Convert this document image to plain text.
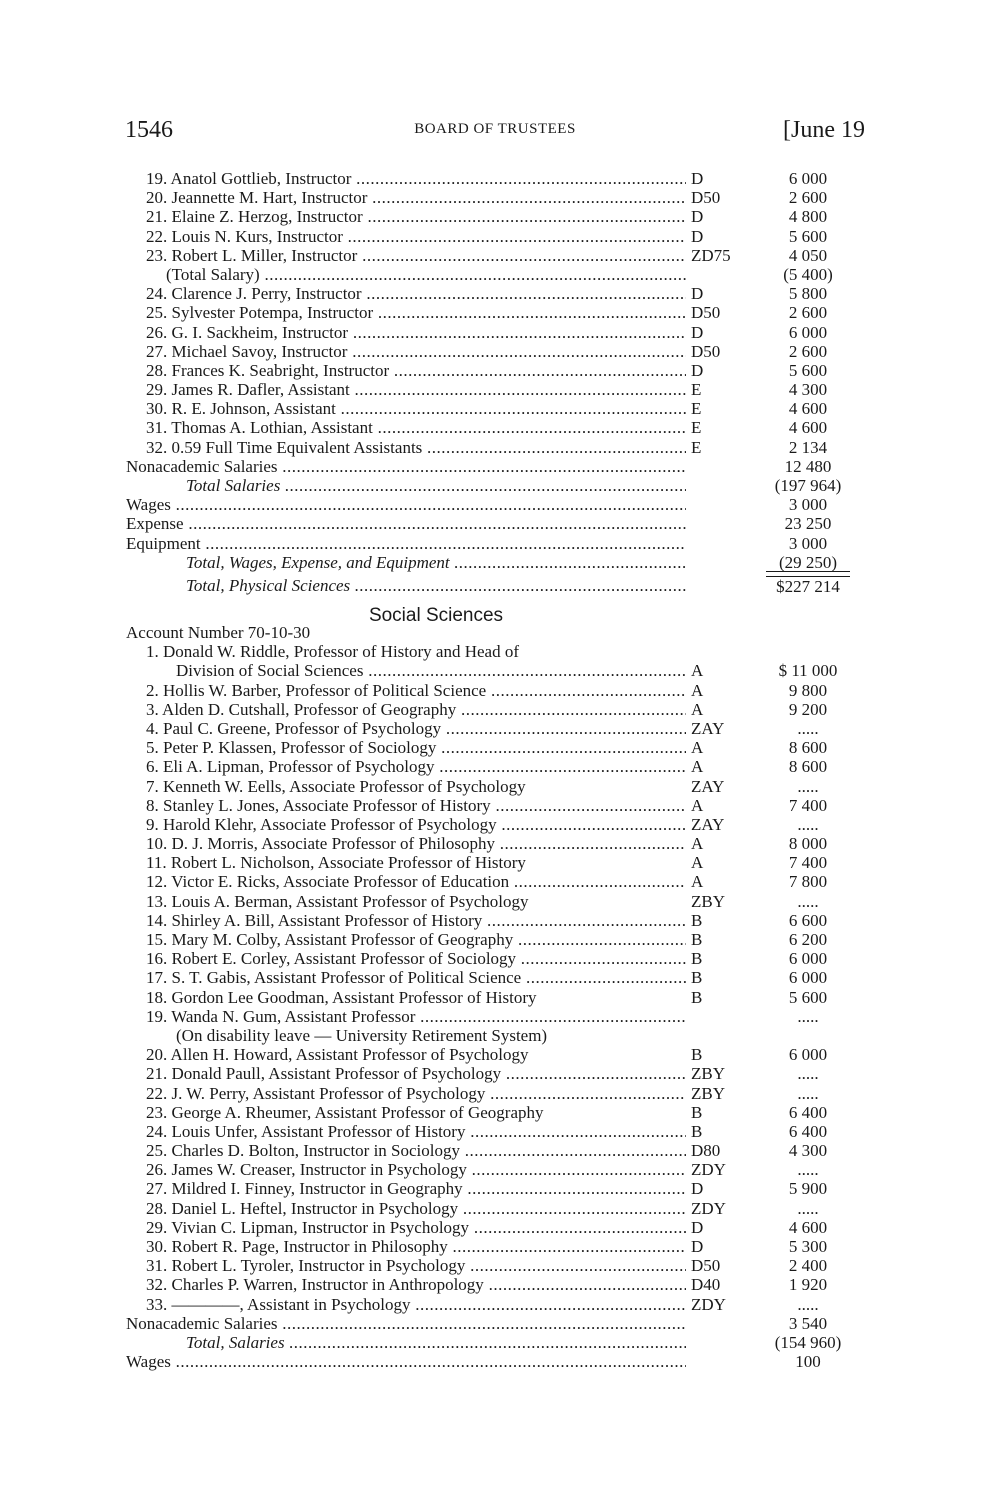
1546	BOARD OF TRUSTEES	[June 19
19. Anatol Gottlieb, Instructor .....	D	6 000
20. Jeannette M. Hart, Instructor .....	D50	2 600
21. Elaine Z. Herzog, Instructor .....	D	4 800
22. Louis N. Kurs, Instructor .....	D	5 600
23. Robert L. Miller, Instructor .....	ZD75	4 050
(Total Salary) .....	(5 400)
24. Clarence J. Perry, Instructor .....	D	5 800
25. Sylvester Potempa, Instructor .....	D50	2 600
26. G. I. Sackheim, Instructor .....	D	6 000
27. Michael Savoy, Instructor .....	D50	2 600
28. Frances K. Seabright, Instructor .....	D	5 600
29. James R. Dafler, Assistant .....	E	4 300
30. R. E. Johnson, Assistant .....	E	4 600
31. Thomas A. Lothian, Assistant .....	E	4 600
32. 0.59 Full Time Equivalent Assistants .....	E	2 134
Nonacademic Salaries .....	12 480
Total Salaries .....	(197 964)
Wages .....	3 000
Expense .....	23 250
Equipment .....	3 000
Total, Wages, Expense, and Equipment .....	(29 250)
Total, Physical Sciences .....	$227 214
Social Sciences
Account Number 70-10-30
1. Donald W. Riddle, Professor of History and Head of
Division of Social Sciences .....	A	$ 11 000
2. Hollis W. Barber, Professor of Political Science .....	A	9 800
3. Alden D. Cutshall, Professor of Geography .....	A	9 200
4. Paul C. Greene, Professor of Psychology .....	ZAY	.....
5. Peter P. Klassen, Professor of Sociology .....	A	8 600
6. Eli A. Lipman, Professor of Psychology .....	A	8 600
7. Kenneth W. Eells, Associate Professor of Psychology	ZAY	.....
8. Stanley L. Jones, Associate Professor of History .....	A	7 400
9. Harold Klehr, Associate Professor of Psychology .....	ZAY	.....
10. D. J. Morris, Associate Professor of Philosophy .....	A	8 000
11. Robert L. Nicholson, Associate Professor of History	A	7 400
12. Victor E. Ricks, Associate Professor of Education .....	A	7 800
13. Louis A. Berman, Assistant Professor of Psychology	ZBY	.....
14. Shirley A. Bill, Assistant Professor of History .....	B	6 600
15. Mary M. Colby, Assistant Professor of Geography .....	B	6 200
16. Robert E. Corley, Assistant Professor of Sociology .....	B	6 000
17. S. T. Gabis, Assistant Professor of Political Science .....	B	6 000
18. Gordon Lee Goodman, Assistant Professor of History	B	5 600
19. Wanda N. Gum, Assistant Professor .....	.....
(On disability leave — University Retirement System)
20. Allen H. Howard, Assistant Professor of Psychology	B	6 000
21. Donald Paull, Assistant Professor of Psychology .....	ZBY	.....
22. J. W. Perry, Assistant Professor of Psychology .....	ZBY	.....
23. George A. Rheumer, Assistant Professor of Geography	B	6 400
24. Louis Unfer, Assistant Professor of History .....	B	6 400
25. Charles D. Bolton, Instructor in Sociology .....	D80	4 300
26. James W. Creaser, Instructor in Psychology .....	ZDY	.....
27. Mildred I. Finney, Instructor in Geography .....	D	5 900
28. Daniel L. Heftel, Instructor in Psychology .....	ZDY	.....
29. Vivian C. Lipman, Instructor in Psychology .....	D	4 600
30. Robert R. Page, Instructor in Philosophy .....	D	5 300
31. Robert L. Tyroler, Instructor in Psychology .....	D50	2 400
32. Charles P. Warren, Instructor in Anthropology .....	D40	1 920
33. ————, Assistant in Psychology .....	ZDY	.....
Nonacademic Salaries .....	3 540
Total, Salaries .....	(154 960)
Wages .....	100
